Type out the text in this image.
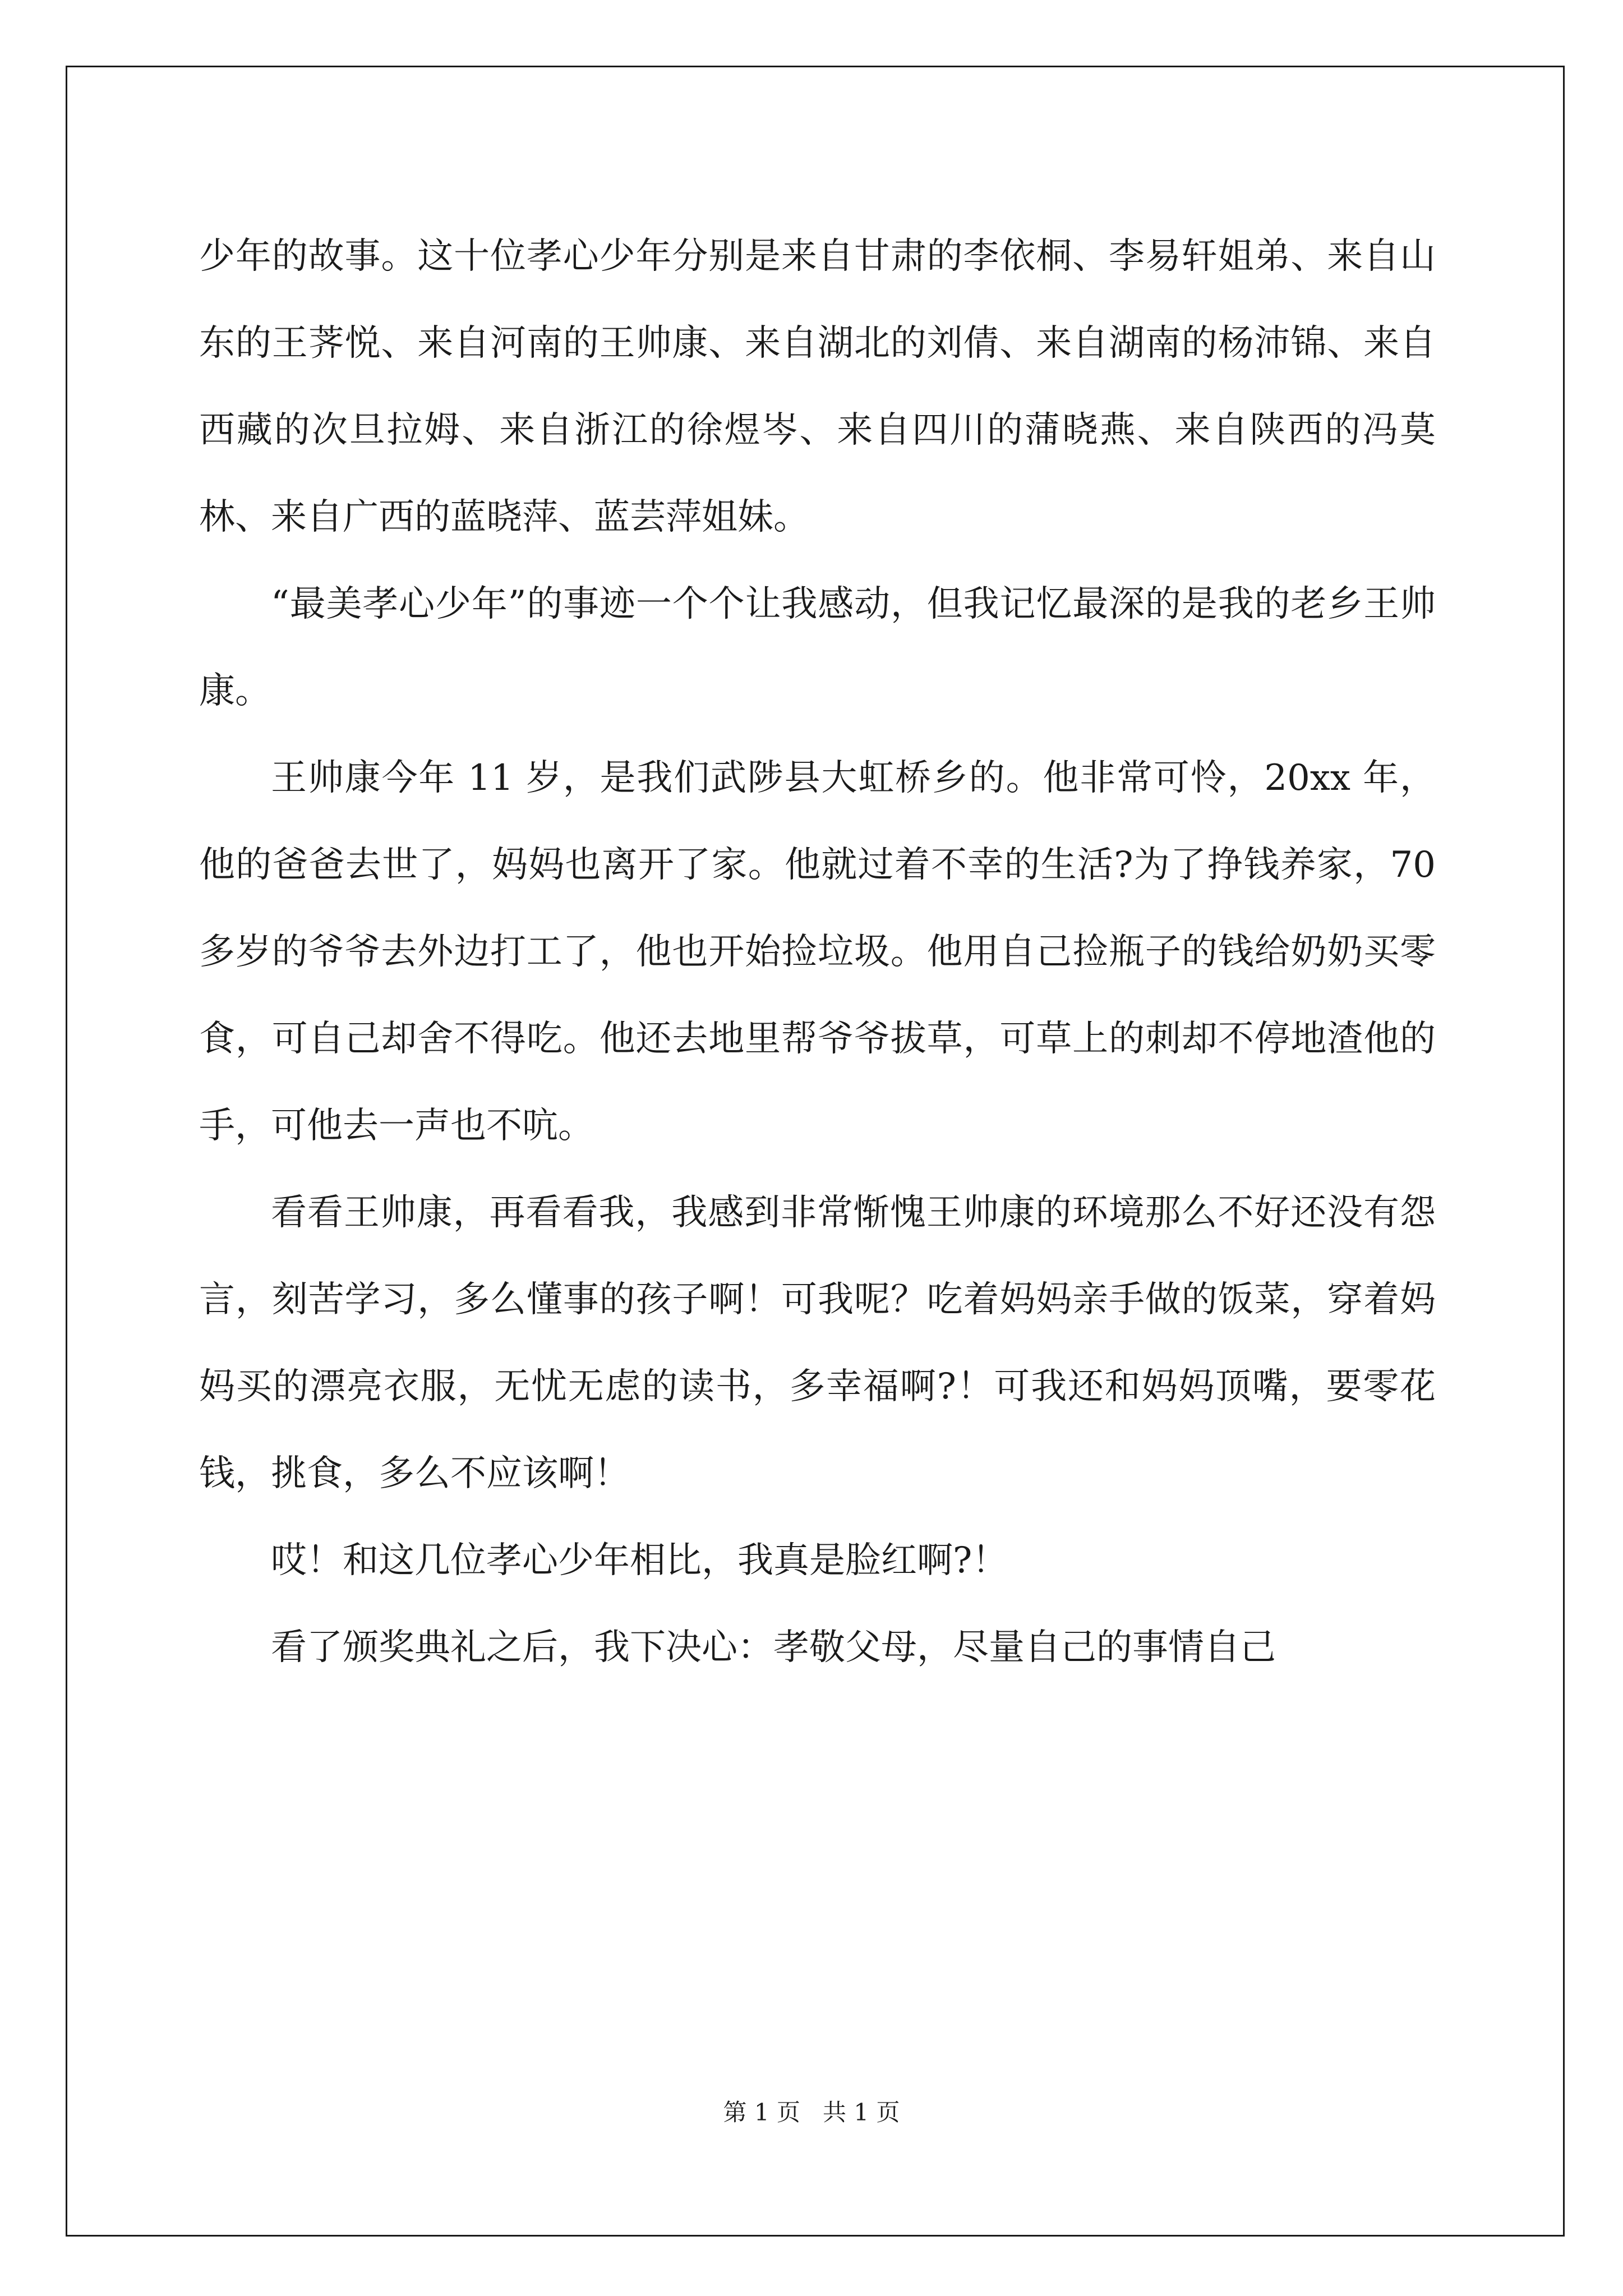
少年的故事。这十位孝心少年分别是来自甘肃的李依桐、李易轩姐弟、来自山东的王荠悦、来自河南的王帅康、来自湖北的刘倩、来自湖南的杨沛锦、来自西藏的次旦拉姆、来自浙江的徐煜岑、来自四川的蒲晓燕、来自陕西的冯莫林、来自广西的蓝晓萍、蓝芸萍姐妹。

“最美孝心少年”的事迹一个个让我感动，但我记忆最深的是我的老乡王帅康。

王帅康今年 11 岁，是我们武陟县大虹桥乡的。他非常可怜，20xx 年，他的爸爸去世了，妈妈也离开了家。他就过着不幸的生活?为了挣钱养家，70 多岁的爷爷去外边打工了，他也开始捡垃圾。他用自己捡瓶子的钱给奶奶买零食，可自己却舍不得吃。他还去地里帮爷爷拔草，可草上的刺却不停地渣他的手，可他去一声也不吭。

看看王帅康，再看看我，我感到非常惭愧王帅康的环境那么不好还没有怨言，刻苦学习，多么懂事的孩子啊！可我呢？吃着妈妈亲手做的饭菜，穿着妈妈买的漂亮衣服，无忧无虑的读书，多幸福啊?！可我还和妈妈顶嘴，要零花钱，挑食，多么不应该啊！

哎！和这几位孝心少年相比，我真是脸红啊?！

看了颁奖典礼之后，我下决心：孝敬父母，尽量自己的事情自己

第 1 页   共 1 页
